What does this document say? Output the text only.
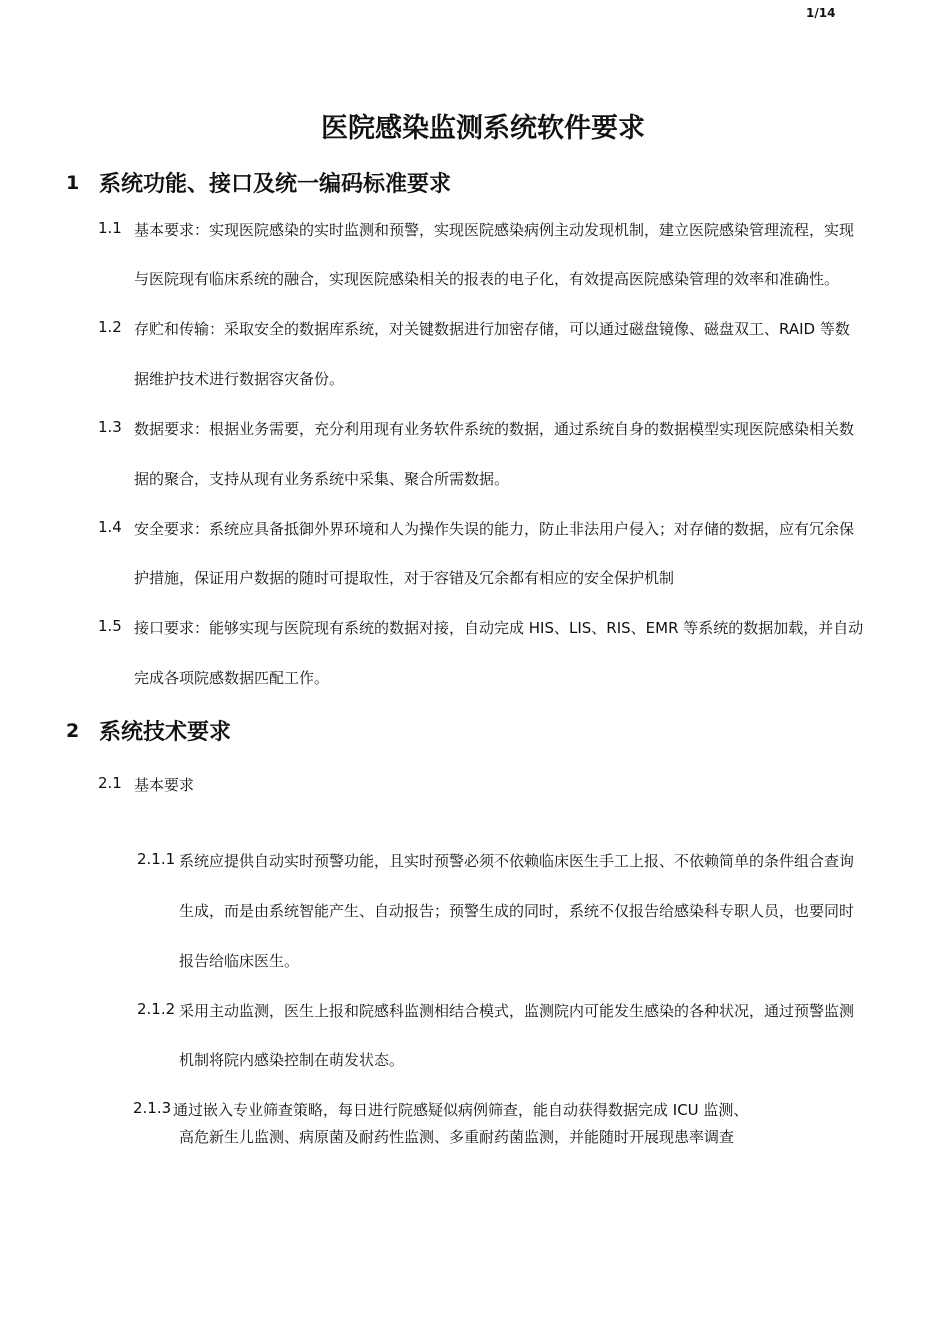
1/14
医院感染监测系统软件要求
1 系统功能、接口及统一编码标准要求
1.1 基本要求：实现医院感染的实时监测和预警，实现医院感染病例主动发现机制，建立医院感染管理流程，实现
与医院现有临床系统的融合，实现医院感染相关的报表的电子化，有效提高医院感染管理的效率和准确性。
1.2 存贮和传输：采取安全的数据库系统，对关键数据进行加密存储，可以通过磁盘镜像、磁盘双工、RAID 等数
据维护技术进行数据容灾备份。
1.3 数据要求：根据业务需要，充分利用现有业务软件系统的数据，通过系统自身的数据模型实现医院感染相关数
据的聚合，支持从现有业务系统中采集、聚合所需数据。
1.4 安全要求：系统应具备抵御外界环境和人为操作失误的能力，防止非法用户侵入；对存储的数据，应有冗余保
护措施，保证用户数据的随时可提取性，对于容错及冗余都有相应的安全保护机制
1.5 接口要求：能够实现与医院现有系统的数据对接，自动完成 HIS、LIS、RIS、EMR 等系统的数据加载，并自动
完成各项院感数据匹配工作。
2 系统技术要求
2.1 基本要求
2.1.1 系统应提供自动实时预警功能，且实时预警必须不依赖临床医生手工上报、不依赖简单的条件组合查询
生成，而是由系统智能产生、自动报告；预警生成的同时，系统不仅报告给感染科专职人员，也要同时
报告给临床医生。
2.1.2 采用主动监测，医生上报和院感科监测相结合模式，监测院内可能发生感染的各种状况，通过预警监测
机制将院内感染控制在萌发状态。
2.1.3 通过嵌入专业筛查策略，每日进行院感疑似病例筛查，能自动获得数据完成 ICU 监测、
高危新生儿监测、病原菌及耐药性监测、多重耐药菌监测，并能随时开展现患率调查
